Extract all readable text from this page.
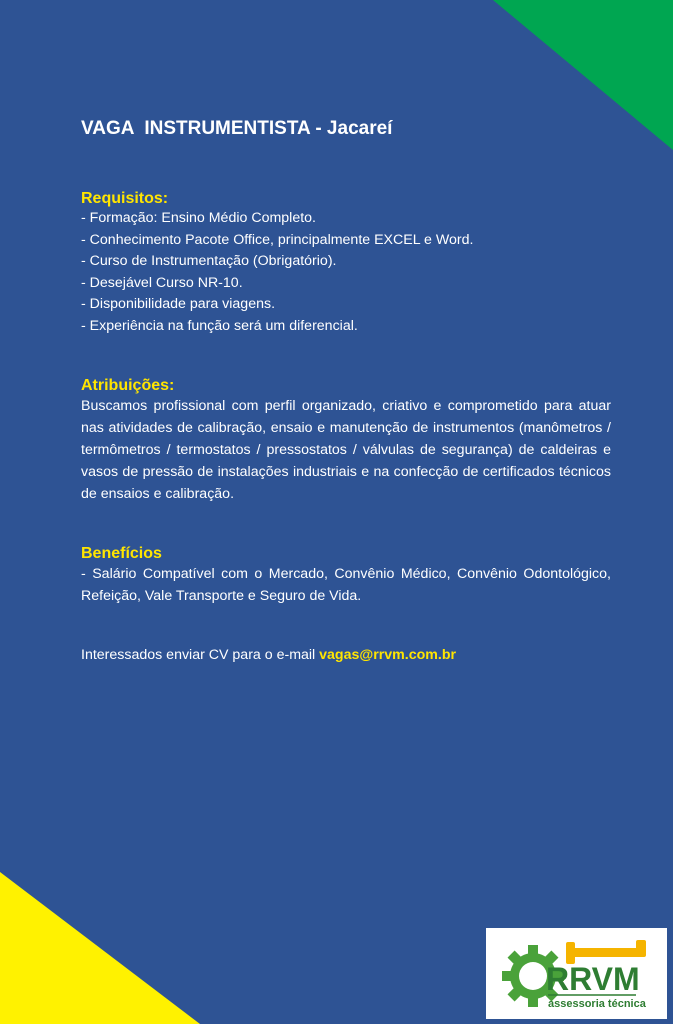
VAGA  INSTRUMENTISTA - Jacareí
Requisitos:

- Formação: Ensino Médio Completo.

- Conhecimento Pacote Office, principalmente EXCEL e Word.

- Curso de Instrumentação (Obrigatório).

- Desejável Curso NR-10.

- Disponibilidade para viagens.

- Experiência na função será um diferencial.

Atribuições:

Buscamos profissional com perfil organizado, criativo e comprometido para atuar nas atividades de calibração, ensaio e manutenção de instrumentos (manômetros / termômetros / termostatos / pressostatos / válvulas de segurança) de caldeiras e vasos de pressão de instalações industriais e na confecção de certificados técnicos de ensaios e calibração.

Benefícios

- Salário Compatível com o Mercado, Convênio Médico, Convênio Odontológico, Refeição, Vale Transporte e Seguro de Vida.

Interessados enviar CV para o e-mail vagas@rrvm.com.br

RRVM
assessoria técnica
